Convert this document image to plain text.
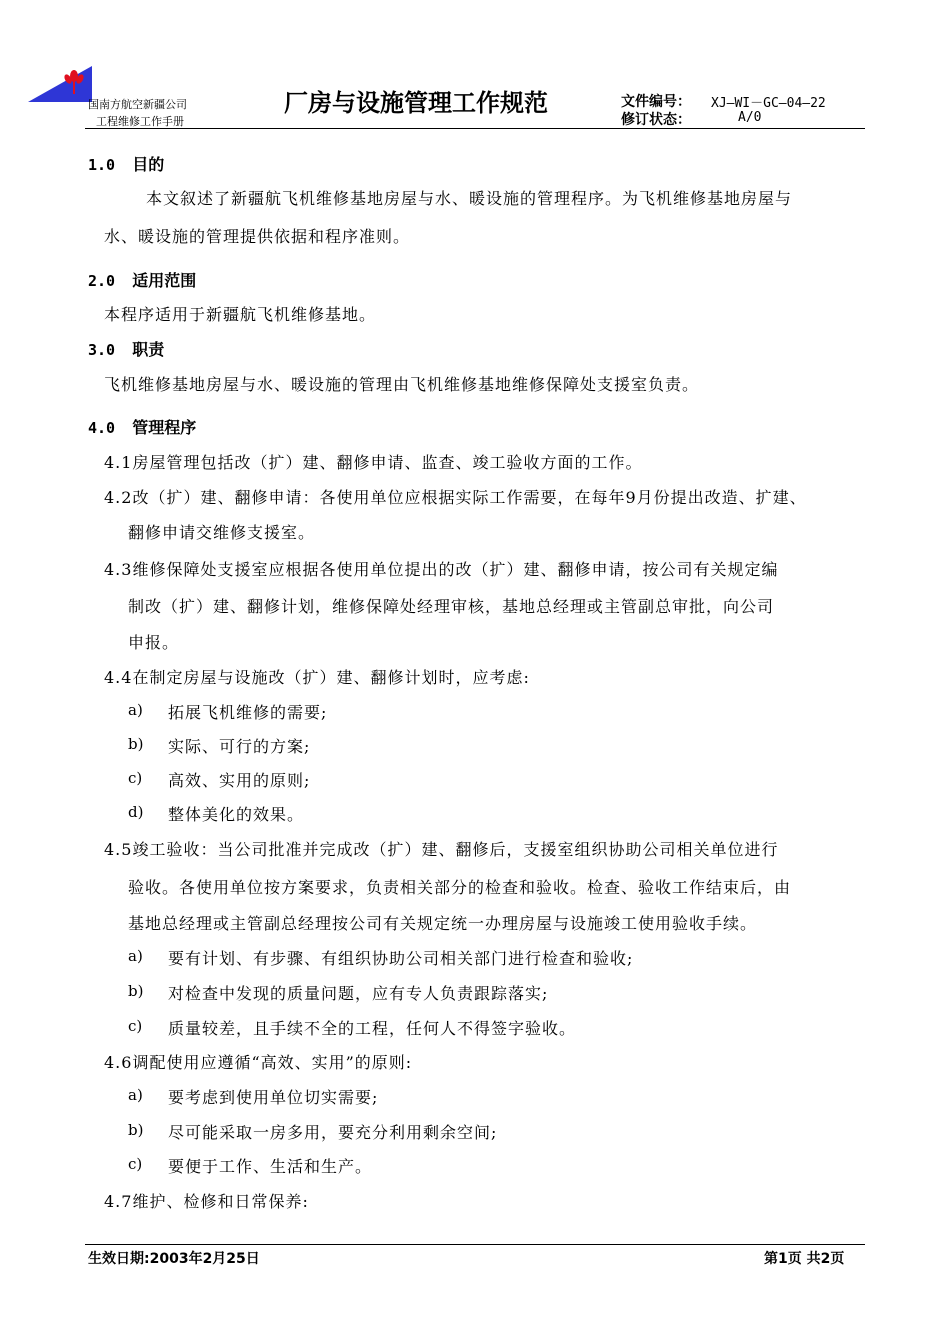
国南方航空新疆公司
工程维修工作手册
厂房与设施管理工作规范	文件编号： XJ—WI－GC—04—22
修订状态：	A/0
1.0 目的
本文叙述了新疆航飞机维修基地房屋与水、暖设施的管理程序。为飞机维修基地房屋与
水、暖设施的管理提供依据和程序准则。
2.0 适用范围
本程序适用于新疆航飞机维修基地。
3.0 职责
飞机维修基地房屋与水、暖设施的管理由飞机维修基地维修保障处支援室负责。
4.0 管理程序
4.1房屋管理包括改（扩）建、翻修申请、监查、竣工验收方面的工作。
4.2改（扩）建、翻修申请：各使用单位应根据实际工作需要，在每年9月份提出改造、扩建、
翻修申请交维修支援室。
4.3维修保障处支援室应根据各使用单位提出的改（扩）建、翻修申请，按公司有关规定编
制改（扩）建、翻修计划，维修保障处经理审核，基地总经理或主管副总审批，向公司
申报。
4.4在制定房屋与设施改（扩）建、翻修计划时，应考虑:
a) 拓展飞机维修的需要;
b) 实际、可行的方案;
c) 高效、实用的原则;
d) 整体美化的效果。
4.5竣工验收：当公司批准并完成改（扩）建、翻修后，支援室组织协助公司相关单位进行
验收。各使用单位按方案要求，负责相关部分的检查和验收。检查、验收工作结束后，由
基地总经理或主管副总经理按公司有关规定统一办理房屋与设施竣工使用验收手续。
a) 要有计划、有步骤、有组织协助公司相关部门进行检查和验收;
b) 对检查中发现的质量问题，应有专人负责跟踪落实;
c) 质量较差，且手续不全的工程，任何人不得签字验收。
4.6调配使用应遵循“高效、实用”的原则:
a) 要考虑到使用单位切实需要;
b) 尽可能采取一房多用，要充分利用剩余空间;
c) 要便于工作、生活和生产。
4.7维护、检修和日常保养:
生效日期:2003年2月25日	第1页 共2页
